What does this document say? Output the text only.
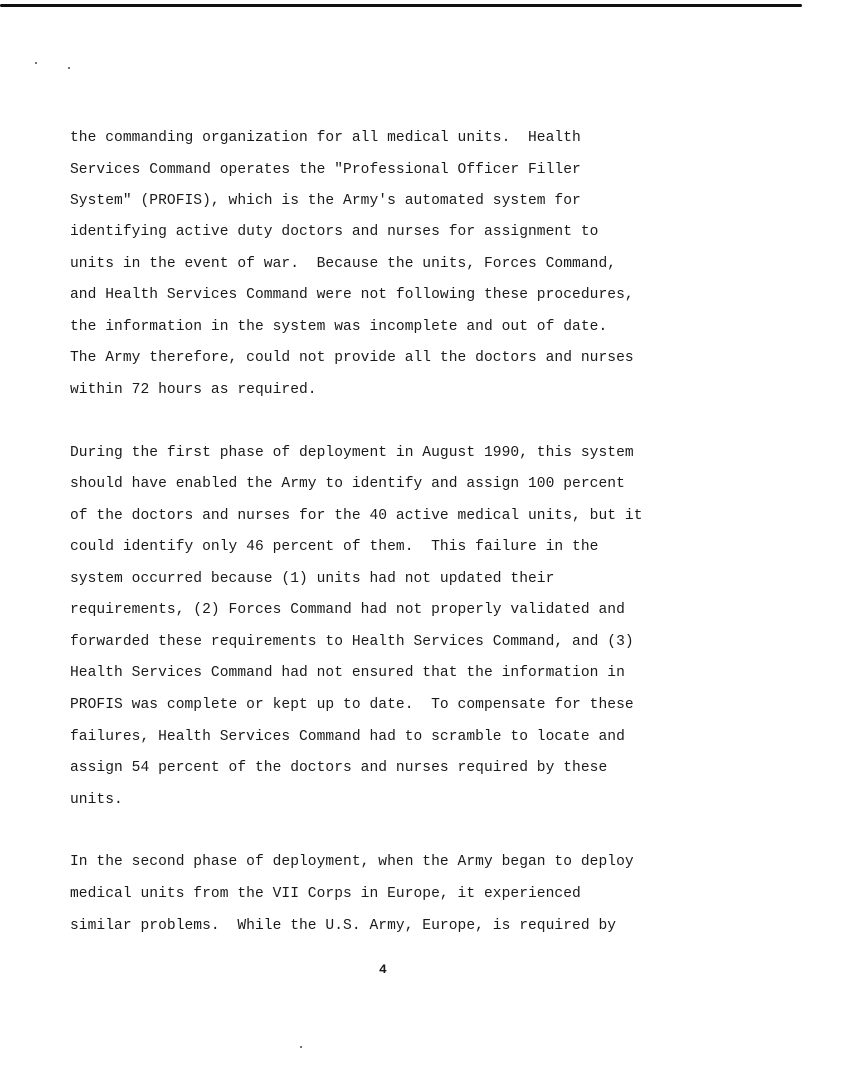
the commanding organization for all medical units.  Health
Services Command operates the "Professional Officer Filler
System" (PROFIS), which is the Army's automated system for
identifying active duty doctors and nurses for assignment to
units in the event of war.  Because the units, Forces Command,
and Health Services Command were not following these procedures,
the information in the system was incomplete and out of date.
The Army therefore, could not provide all the doctors and nurses
within 72 hours as required.
During the first phase of deployment in August 1990, this system
should have enabled the Army to identify and assign 100 percent
of the doctors and nurses for the 40 active medical units, but it
could identify only 46 percent of them.  This failure in the
system occurred because (1) units had not updated their
requirements, (2) Forces Command had not properly validated and
forwarded these requirements to Health Services Command, and (3)
Health Services Command had not ensured that the information in
PROFIS was complete or kept up to date.  To compensate for these
failures, Health Services Command had to scramble to locate and
assign 54 percent of the doctors and nurses required by these
units.
In the second phase of deployment, when the Army began to deploy
medical units from the VII Corps in Europe, it experienced
similar problems.  While the U.S. Army, Europe, is required by
4
